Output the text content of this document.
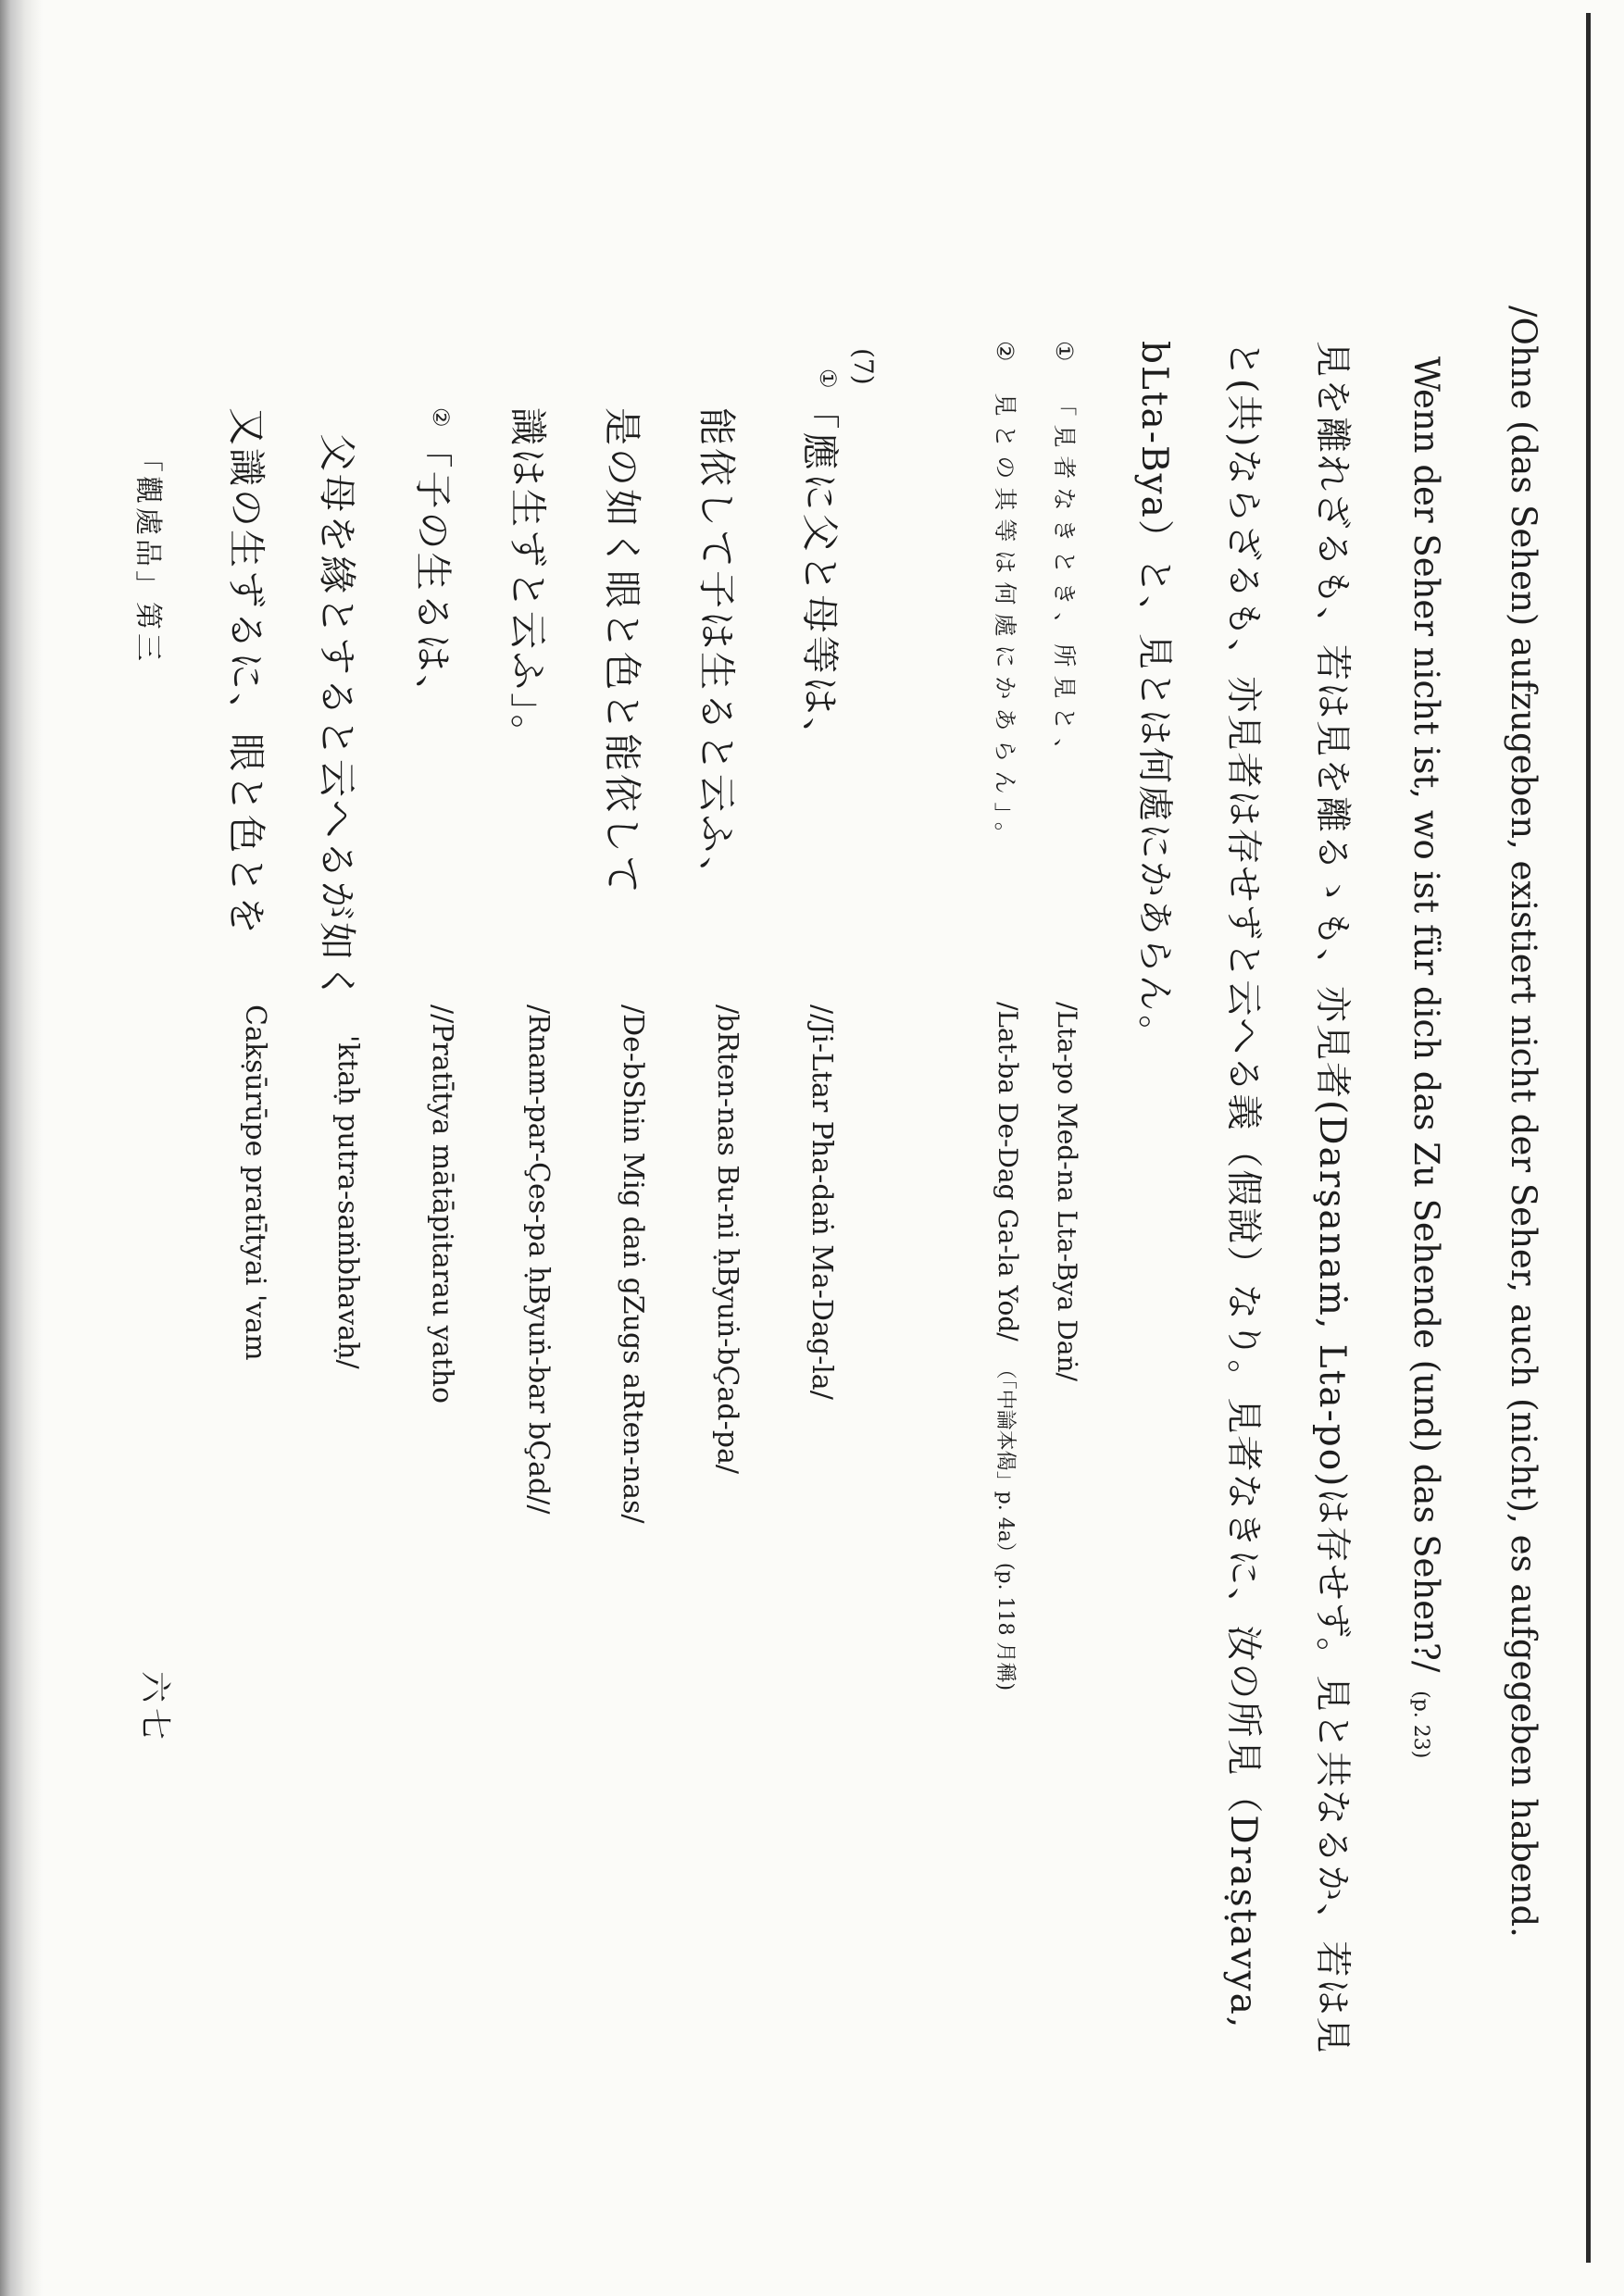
/Ohne (das Sehen) aufzugeben, existiert nicht der Seher, auch (nicht), es aufgegeben habend.
Wenn der Seher nicht ist, wo ist für dich das Zu Sehende (und) das Sehen?/ (p. 23)
見を離れざるも、若は見を離るゝも、亦見者(Darşanaṁ, Lta-po)は存せず。見と共なるか、若は見
と(共)ならざるも、亦見者は存せずと云へる義（假說）なり。見者なきに、汝の所見（Draṣṭavya,
bLta-Bya）と、見とは何處にかあらん。
① 「見者なきとき、所見と、
/Lta-po Med-na Lta-Bya Daṅ/
② 見との其等は何處にかあらん」。
/Lat-ba De-Dag Ga-la Yod/ （「中論本偈」p. 4a）(p. 118 月稱)
(7)
①「應に父と母等は、
能依して子は生ると云ふ、
是の如く眼と色と能依して
識は生ずと云ふ」。
②「子の生るは、
父母を緣とすると云へるが如く
又識の生ずるに、眼と色とを
//Ji-Ltar Pha-daṅ Ma-Dag-la/
/bRten-nas Bu-ni ḥByuṅ-bÇad-pa/
/De-bShin Mig daṅ gZugs aRten-nas/
/Rnam-par-Çes-pa ḥByuṅ-bar bÇad//
//Pratītya mātāpitarau yatho
'ktaḥ putra-saṁbhavaḥ/
Cakṣūrūpe pratītyai 'vam
六七
「觀處品」第三
